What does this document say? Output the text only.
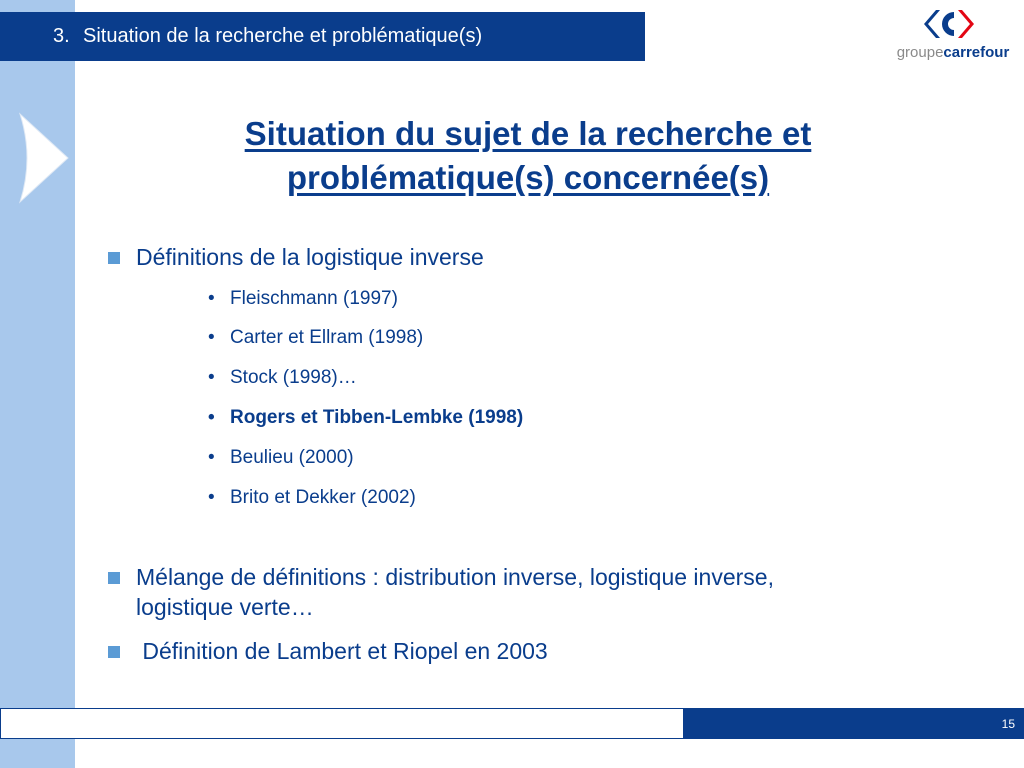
3. Situation de la recherche et problématique(s)
groupecarrefour
Situation du sujet de la recherche et problématique(s) concernée(s)
Définitions de la logistique inverse
• Fleischmann (1997)
• Carter et Ellram (1998)
• Stock (1998)…
• Rogers et Tibben-Lembke (1998)
• Beulieu (2000)
• Brito et Dekker (2002)
Mélange de définitions : distribution inverse, logistique inverse,
logistique verte…
Définition de Lambert et Riopel en 2003
15
